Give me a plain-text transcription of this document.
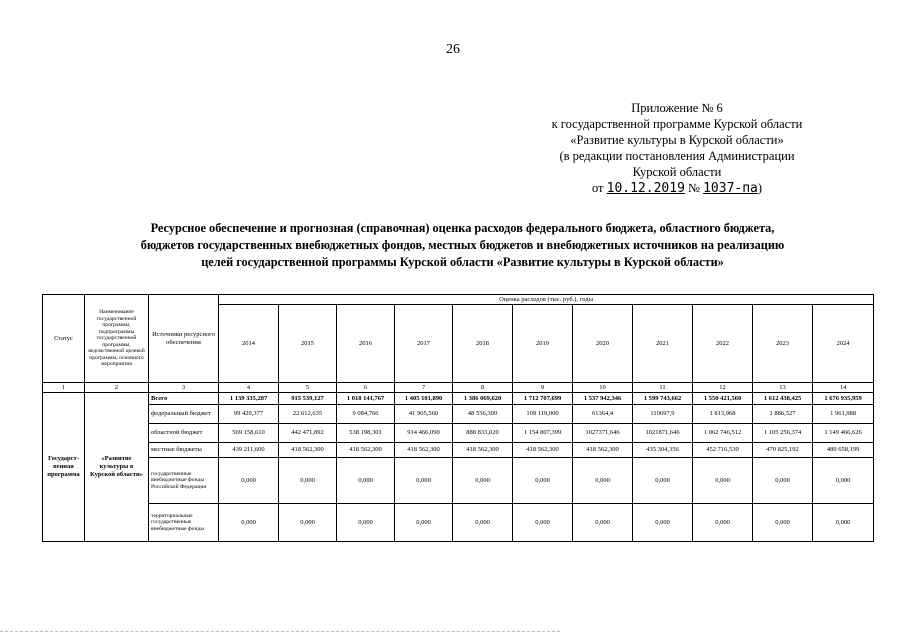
26
Приложение № 6
к государственной программе Курской области
«Развитие культуры в Курской области»
(в редакции постановления Администрации
Курской области
от 10.12.2019 № 1037-па)
Ресурсное обеспечение и прогнозная (справочная) оценка расходов федерального бюджета, областного бюджета,
бюджетов государственных внебюджетных фондов, местных бюджетов и внебюджетных источников на реализацию
целей государственной программы Курской области «Развитие культуры в Курской области»
Статус	Наименование государственной программы, подпрограммы государственной программы, ведомственной целевой программы, основного мероприятия	Источники ресурсного обеспечения	Оценка расходов (тыс. руб.), годы										
			2014	2015	2016	2017	2018	2019	2020	2021	2022	2023	2024
1	2	3	4	5	6	7	8	9	10	11	12	13	14
Государст-венная программа	«Развитие культуры в Курской области»	Всего	1 139 335,287	915 539,127	1 018 141,767	1 405 101,890	1 386 069,620	1 712 707,699	1 537 942,346	1 599 743,662	1 550 421,560	1 612 438,425	1 676 935,959
		федеральный бюджет	99 429,377	22 612,635	9 084,766	41 905,560	48 556,300	109 119,000	61364,4	110697,9	1 813,968	1 886,527	1 961,988
		областной бюджет	569 158,610	442 471,892	538 198,301	914 466,090	888 833,020	1 154 807,399	1027371,646	1021871,646	1 062 746,512	1 105 256,374	1 149 466,626
		местные бюджеты	439 211,600	418 562,300	418 562,300	418 562,300	418 562,300	418 562,300	418 562,300	435 304,356	452 716,530	470 825,192	489 658,199
		государственные внебюджетные фонды Российской Федерации	0,000	0,000	0,000	0,000	0,000	0,000	0,000	0,000	0,000	0,000	0,000
		территориальные государственные внебюджетные фонды	0,000	0,000	0,000	0,000	0,000	0,000	0,000	0,000	0,000	0,000	0,000
